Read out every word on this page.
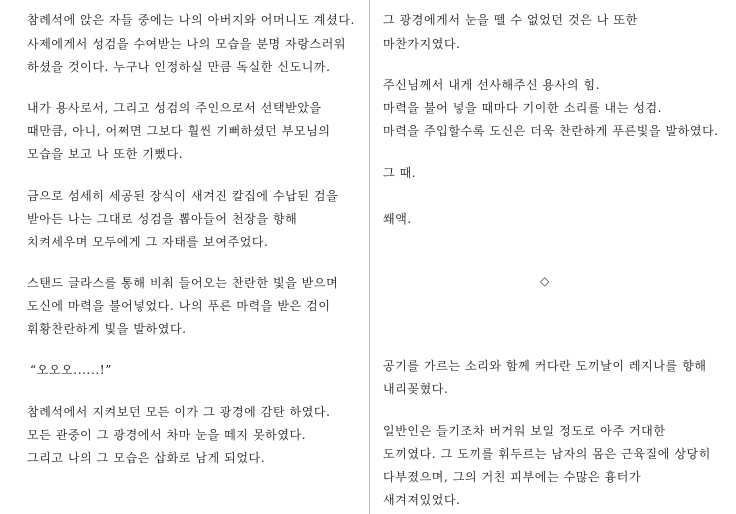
참례석에 앉은 자들 중에는 나의 아버지와 어머니도 계셨다.
사제에게서 성검을 수여받는 나의 모습을 분명 자랑스러워
하셨을 것이다. 누구나 인정하실 만큼 독실한 신도니까.
내가 용사로서, 그리고 성검의 주인으로서 선택받았을
때만큼, 아니, 어쩌면 그보다 훨씬 기뻐하셨던 부모님의
모습을 보고 나 또한 기뻤다.
금으로 섬세히 세공된 장식이 새겨진 칼집에 수납된 검을
받아든 나는 그대로 성검을 뽑아들어 천장을 향해
치켜세우며 모두에게 그 자태를 보여주었다.
스탠드 글라스를 통해 비춰 들어오는 찬란한 빛을 받으며
도신에 마력을 불어넣었다. 나의 푸른 마력을 받은 검이
휘황찬란하게 빛을 발하였다.
“오오오......!”
참례석에서 지켜보던 모든 이가 그 광경에 감탄 하였다.
모든 관중이 그 광경에서 차마 눈을 떼지 못하였다.
그리고 나의 그 모습은 삽화로 남게 되었다.
그 광경에게서 눈을 뗄 수 없었던 것은 나 또한
마찬가지였다.
주신님께서 내게 선사해주신 용사의 힘.
마력을 불어 넣을 때마다 기이한 소리를 내는 성검.
마력을 주입할수록 도신은 더욱 찬란하게 푸른빛을 발하였다.
그 때.
쐐액.
◇
공기를 가르는 소리와 함께 커다란 도끼날이 레지나를 향해
내리꽂혔다.
일반인은 들기조차 버거워 보일 정도로 아주 거대한
도끼였다. 그 도끼를 휘두르는 남자의 몸은 근육질에 상당히
다부졌으며, 그의 거친 피부에는 수많은 흉터가
새겨져있었다.
